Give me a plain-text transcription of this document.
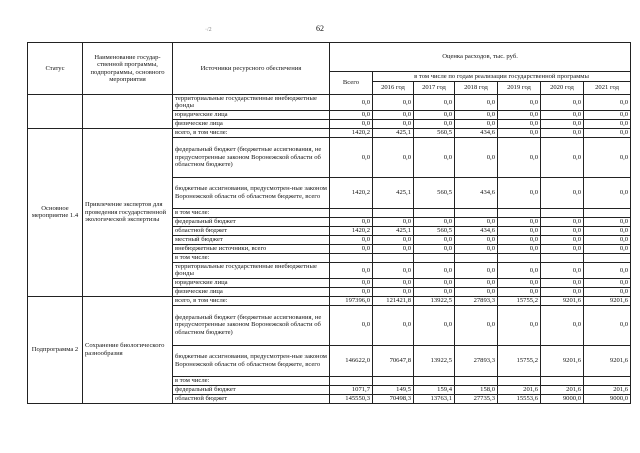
62
·/2
Статус	Наименование государ-ственной программы, подпрограммы, основного мероприятия	Источники ресурсного обеспечения	Оценка расходов, тыс. руб.						
			Всего	в том числе по годам реализации государственной программы					
				2016 год	2017 год	2018 год	2019 год	2020 год	2021 год
		территориальные государственные внебюджетные фонды	0,0	0,0	0,0	0,0	0,0	0,0	0,0
		юридические лица	0,0	0,0	0,0	0,0	0,0	0,0	0,0
		физические лица	0,0	0,0	0,0	0,0	0,0	0,0	0,0
Основное мероприятие 1.4	Привлечение экспертов для проведения государственной экологической экспертизы	всего, в том числе:	1420,2	425,1	560,5	434,6	0,0	0,0	0,0
		федеральный бюджет (бюджетные ассигнования, не предусмотренные законом Воронежской области об областном бюджете)	0,0	0,0	0,0	0,0	0,0	0,0	0,0
		бюджетные ассигнования, предусмотрен-ные законом Воронежской области об областном бюджете, всего	1420,2	425,1	560,5	434,6	0,0	0,0	0,0
		в том числе:							
		федеральный бюджет	0,0	0,0	0,0	0,0	0,0	0,0	0,0
		областной бюджет	1420,2	425,1	560,5	434,6	0,0	0,0	0,0
		местный бюджет	0,0	0,0	0,0	0,0	0,0	0,0	0,0
		внебюджетные источники, всего	0,0	0,0	0,0	0,0	0,0	0,0	0,0
		в том числе:							
		территориальные государственные внебюджетные фонды	0,0	0,0	0,0	0,0	0,0	0,0	0,0
		юридические лица	0,0	0,0	0,0	0,0	0,0	0,0	0,0
		физические лица	0,0	0,0	0,0	0,0	0,0	0,0	0,0
Подпрограмма 2	Сохранение биологического разнообразия	всего, в том числе:	197396,0	121421,8	13922,5	27893,3	15755,2	9201,6	9201,6
		федеральный бюджет (бюджетные ассигнования, не предусмотренные законом Воронежской области об областном бюджете)	0,0	0,0	0,0	0,0	0,0	0,0	0,0
		бюджетные ассигнования, предусмотрен-ные законом Воронежской области об областном бюджете, всего	146622,0	70647,8	13922,5	27893,3	15755,2	9201,6	9201,6
		в том числе:							
		федеральный бюджет	1071,7	149,5	159,4	158,0	201,6	201,6	201,6
		областной бюджет	145550,3	70498,3	13763,1	27735,3	15553,6	9000,0	9000,0
